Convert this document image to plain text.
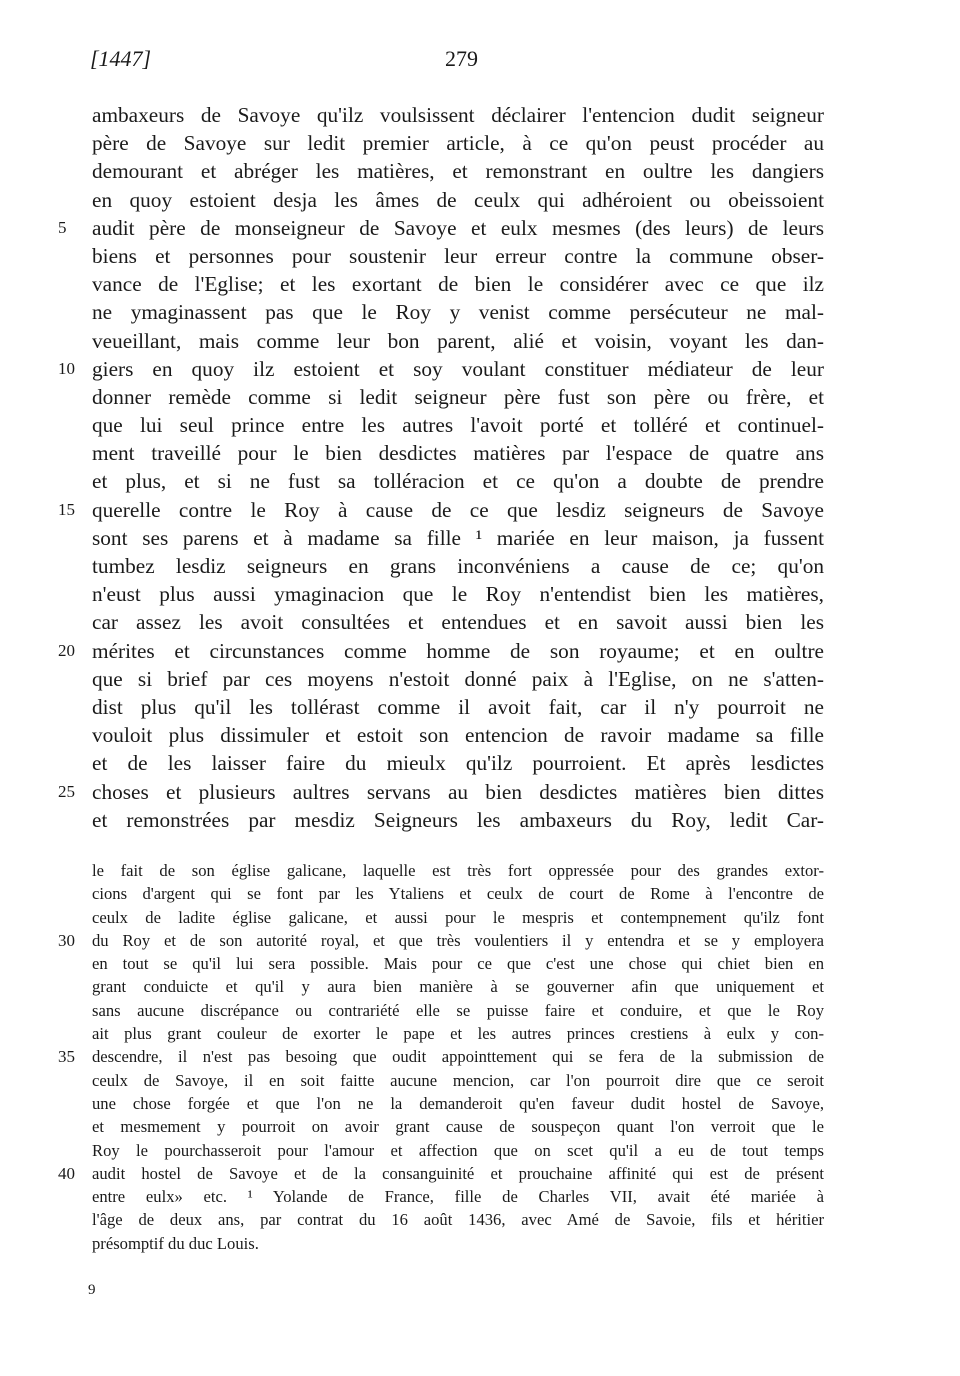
[1447]	279
ambaxeurs de Savoye qu'ilz voulsissent déclairer l'entencion dudit seigneur
père de Savoye sur ledit premier article, à ce qu'on peust procéder au
demourant et abréger les matières, et remonstrant en oultre les dangiers
en quoy estoient desja les âmes de ceulx qui adhéroient ou obeissoient
5	audit père de monseigneur de Savoye et eulx mesmes (des leurs) de leurs
biens et personnes pour soustenir leur erreur contre la commune obser-
vance de l'Eglise; et les exortant de bien le considérer avec ce que ilz
ne ymaginassent pas que le Roy y venist comme persécuteur ne mal-
veueillant, mais comme leur bon parent, alié et voisin, voyant les dan-
10 giers en quoy ilz estoient et soy voulant constituer médiateur de leur
donner remède comme si ledit seigneur père fust son père ou frère, et
que lui seul prince entre les autres l'avoit porté et tolléré et continuel-
ment traveillé pour le bien desdictes matières par l'espace de quatre ans
et plus, et si ne fust sa tolléracion et ce qu'on a doubte de prendre
15 querelle contre le Roy à cause de ce que lesdiz seigneurs de Savoye
sont ses parens et à madame sa fille ¹ mariée en leur maison, ja fussent
tumbez lesdiz seigneurs en grans inconvéniens a cause de ce; qu'on
n'eust plus aussi ymaginacion que le Roy n'entendist bien les matières,
car assez les avoit consultées et entendues et en savoit aussi bien les
20 mérites et circunstances comme homme de son royaume; et en oultre
que si brief par ces moyens n'estoit donné paix à l'Eglise, on ne s'atten-
dist plus qu'il les tollérast comme il avoit fait, car il n'y pourroit ne
vouloit plus dissimuler et estoit son entencion de ravoir madame sa fille
et de les laisser faire du mieulx qu'ilz pourroient. Et après lesdictes
25 choses et plusieurs aultres servans au bien desdictes matières bien dittes
et remonstrées par mesdiz Seigneurs les ambaxeurs du Roy, ledit Car-
le fait de son église galicane, laquelle est très fort oppressée pour des grandes extor-
cions d'argent qui se font par les Ytaliens et ceulx de court de Rome à l'encontre de
ceulx de ladite église galicane, et aussi pour le mespris et contempnement qu'ilz font
30	du Roy et de son autorité royal, et que très voulentiers il y entendra et se y employera
en tout se qu'il lui sera possible. Mais pour ce que c'est une chose qui chiet bien en
grant conduicte et qu'il y aura bien manière à se gouverner afin que uniquement et
sans aucune discrépance ou contrariété elle se puisse faire et conduire, et que le Roy
ait plus grant couleur de exorter le pape et les autres princes crestiens à eulx y con-
35	descendre, il n'est pas besoing que oudit appointtement qui se fera de la submission de
ceulx de Savoye, il en soit faitte aucune mencion, car l'on pourroit dire que ce seroit
une chose forgée et que l'on ne la demanderoit qu'en faveur dudit hostel de Savoye,
et mesmement y pourroit on avoir grant cause de souspeçon quant l'on verroit que le
Roy le pourchasseroit pour l'amour et affection que on scet qu'il a eu de tout temps
40	audit hostel de Savoye et de la consanguinité et prouchaine affinité qui est de présent
entre eulx» etc. ¹ Yolande de France, fille de Charles VII, avait été mariée à
l'âge de deux ans, par contrat du 16 août 1436, avec Amé de Savoie, fils et héritier
présomptif du duc Louis.
9
